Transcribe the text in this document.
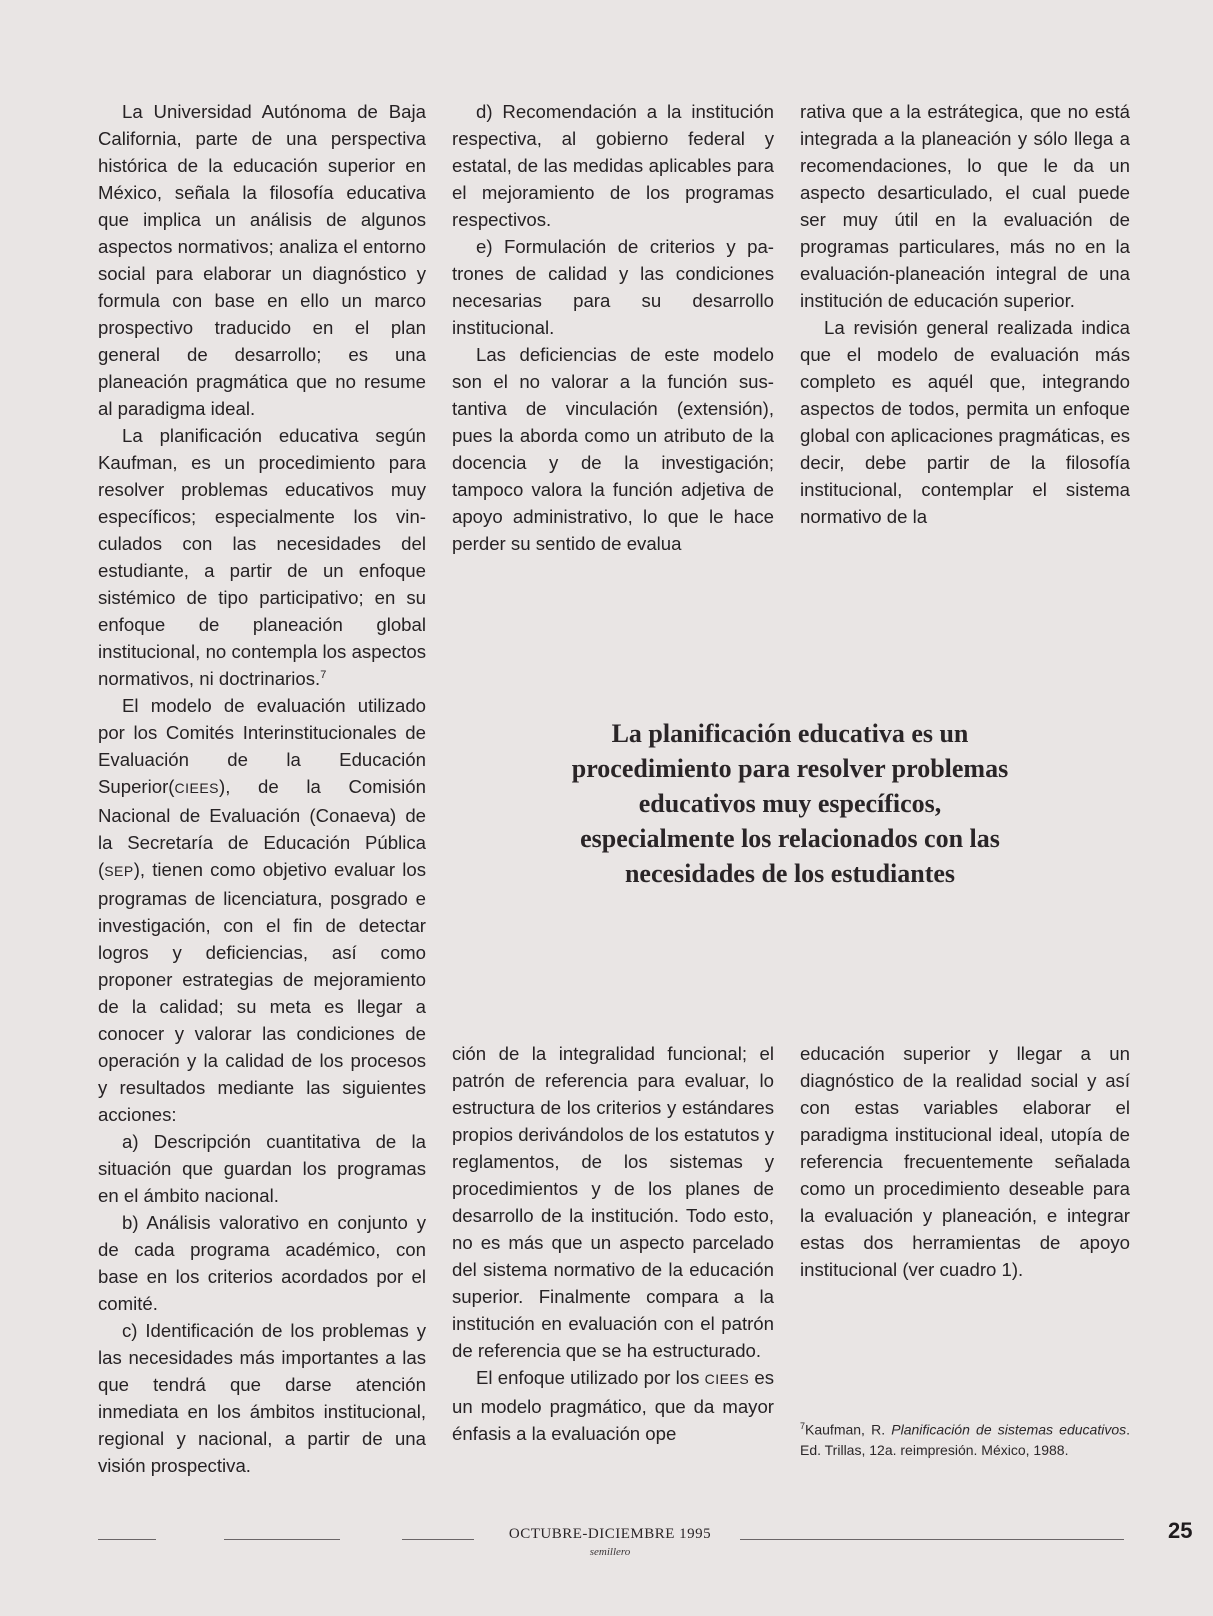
La Universidad Autónoma de Baja California, parte de una perspectiva histórica de la educación superior en México, señala la filosofía educativa que implica un análisis de algunos aspectos normativos; analiza el entorno social para elaborar un diagnóstico y formula con base en ello un marco prospectivo traducido en el plan general de desarrollo; es una planeación pragmática que no resume al paradigma ideal.

La planificación educativa según Kaufman, es un procedimiento para resolver problemas educativos muy específicos; especialmente los vinculados con las necesidades del estudiante, a partir de un enfoque sistémico de tipo participativo; en su enfoque de planeación global institucional, no contempla los aspectos normativos, ni doctrinarios.$^7$

El modelo de evaluación utilizado por los Comités Interinstitucionales de Evaluación de la Educación Superior(CIEES), de la Comisión Nacional de Evaluación (Conaeva) de la Secretaría de Educación Pública (SEP), tienen como objetivo evaluar los programas de licenciatura, posgrado e investigación, con el fin de detectar logros y deficiencias, así como proponer estrategias de mejoramiento de la calidad; su meta es llegar a conocer y valorar las condiciones de operación y la calidad de los procesos y resultados mediante las siguientes acciones:

a) Descripción cuantitativa de la situación que guardan los programas en el ámbito nacional.

b) Análisis valorativo en conjunto y de cada programa académico, con base en los criterios acordados por el comité.

c) Identificación de los problemas y las necesidades más importantes a las que tendrá que darse atención inmediata en los ámbitos institucional, regional y nacional, a partir de una visión prospectiva.

d) Recomendación a la institución respectiva, al gobierno federal y estatal, de las medidas aplicables para el mejoramiento de los programas respectivos.

e) Formulación de criterios y patrones de calidad y las condiciones necesarias para su desarrollo institucional.

Las deficiencias de este modelo son el no valorar a la función sustantiva de vinculación (extensión), pues la aborda como un atributo de la docencia y de la investigación; tampoco valora la función adjetiva de apoyo administrativo, lo que le hace perder su sentido de evalua

rativa que a la estrátegica, que no está integrada a la planeación y sólo llega a recomendaciones, lo que le da un aspecto desarticulado, el cual puede ser muy útil en la evaluación de programas particulares, más no en la evaluación-planeación integral de una institución de educación superior.

La revisión general realizada indica que el modelo de evaluación más completo es aquél que, integrando aspectos de todos, permita un enfoque global con aplicaciones pragmáticas, es decir, debe partir de la filosofía institucional, contemplar el sistema normativo de la

La planificación educativa es un procedimiento para resolver problemas educativos muy específicos, especialmente los relacionados con las necesidades de los estudiantes

ción de la integralidad funcional; el patrón de referencia para evaluar, lo estructura de los criterios y estándares propios derivándolos de los estatutos y reglamentos, de los sistemas y procedimientos y de los planes de desarrollo de la institución. Todo esto, no es más que un aspecto parcelado del sistema normativo de la educación superior. Finalmente compara a la institución en evaluación con el patrón de referencia que se ha estructurado.

El enfoque utilizado por los CIEES es un modelo pragmático, que da mayor énfasis a la evaluación ope

educación superior y llegar a un diagnóstico de la realidad social y así con estas variables elaborar el paradigma institucional ideal, utopía de referencia frecuentemente señalada como un procedimiento deseable para la evaluación y planeación, e integrar estas dos herramientas de apoyo institucional (ver cuadro 1).

$^7$Kaufman, R. Planificación de sistemas educativos. Ed. Trillas, 12a. reimpresión. México, 1988.
OCTUBRE-DICIEMBRE 1995
semillero
25
